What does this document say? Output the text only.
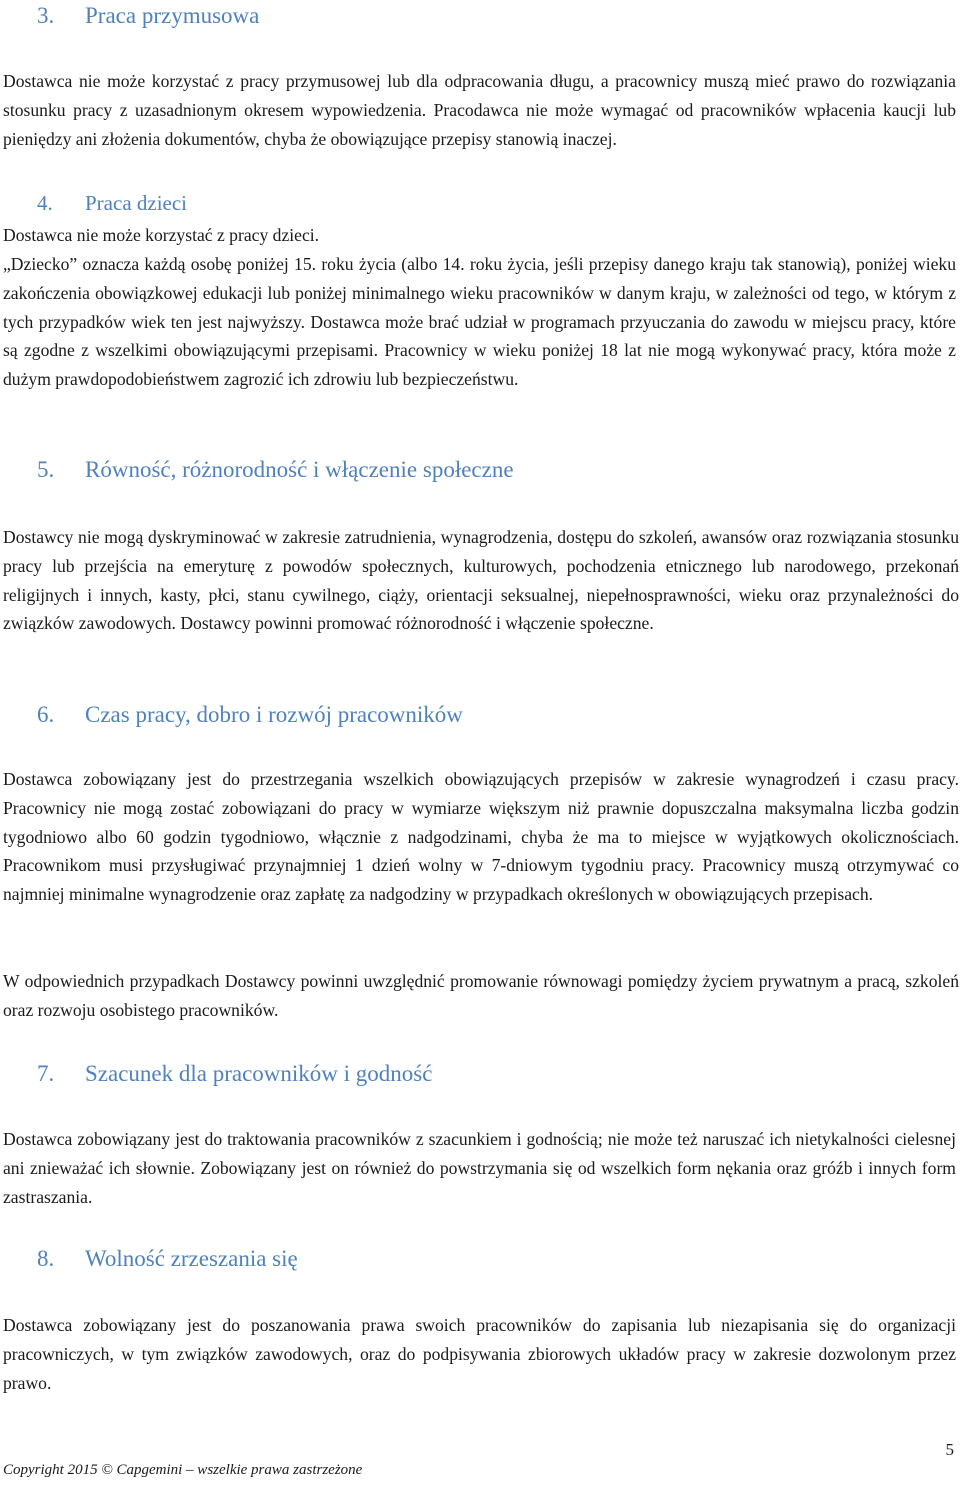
3. Praca przymusowa

Dostawca nie może korzystać z pracy przymusowej lub dla odpracowania długu, a pracownicy muszą mieć prawo do rozwiązania stosunku pracy z uzasadnionym okresem wypowiedzenia. Pracodawca nie może wymagać od pracowników wpłacenia kaucji lub pieniędzy ani złożenia dokumentów, chyba że obowiązujące przepisy stanowią inaczej.

4. Praca dzieci

Dostawca nie może korzystać z pracy dzieci.

„Dziecko” oznacza każdą osobę poniżej 15. roku życia (albo 14. roku życia, jeśli przepisy danego kraju tak stanowią), poniżej wieku zakończenia obowiązkowej edukacji lub poniżej minimalnego wieku pracowników w danym kraju, w zależności od tego, w którym z tych przypadków wiek ten jest najwyższy. Dostawca może brać udział w programach przyuczania do zawodu w miejscu pracy, które są zgodne z wszelkimi obowiązującymi przepisami. Pracownicy w wieku poniżej 18 lat nie mogą wykonywać pracy, która może z dużym prawdopodobieństwem zagrozić ich zdrowiu lub bezpieczeństwu.

5. Równość, różnorodność i włączenie społeczne

Dostawcy nie mogą dyskryminować w zakresie zatrudnienia, wynagrodzenia, dostępu do szkoleń, awansów oraz rozwiązania stosunku pracy lub przejścia na emeryturę z powodów społecznych, kulturowych, pochodzenia etnicznego lub narodowego, przekonań religijnych i innych, kasty, płci, stanu cywilnego, ciąży, orientacji seksualnej, niepełnosprawności, wieku oraz przynależności do związków zawodowych. Dostawcy powinni promować różnorodność i włączenie społeczne.

6. Czas pracy, dobro i rozwój pracowników

Dostawca zobowiązany jest do przestrzegania wszelkich obowiązujących przepisów w zakresie wynagrodzeń i czasu pracy. Pracownicy nie mogą zostać zobowiązani do pracy w wymiarze większym niż prawnie dopuszczalna maksymalna liczba godzin tygodniowo albo 60 godzin tygodniowo, włącznie z nadgodzinami, chyba że ma to miejsce w wyjątkowych okolicznościach. Pracownikom musi przysługiwać przynajmniej 1 dzień wolny w 7-dniowym tygodniu pracy. Pracownicy muszą otrzymywać co najmniej minimalne wynagrodzenie oraz zapłatę za nadgodziny w przypadkach określonych w obowiązujących przepisach.

W odpowiednich przypadkach Dostawcy powinni uwzględnić promowanie równowagi pomiędzy życiem prywatnym a pracą, szkoleń oraz rozwoju osobistego pracowników.

7. Szacunek dla pracowników i godność

Dostawca zobowiązany jest do traktowania pracowników z szacunkiem i godnością; nie może też naruszać ich nietykalności cielesnej ani znieważać ich słownie. Zobowiązany jest on również do powstrzymania się od wszelkich form nękania oraz gróźb i innych form zastraszania.

8. Wolność zrzeszania się

Dostawca zobowiązany jest do poszanowania prawa swoich pracowników do zapisania lub niezapisania się do organizacji pracowniczych, w tym związków zawodowych, oraz do podpisywania zbiorowych układów pracy w zakresie dozwolonym przez prawo.

5
Copyright 2015 © Capgemini – wszelkie prawa zastrzeżone
